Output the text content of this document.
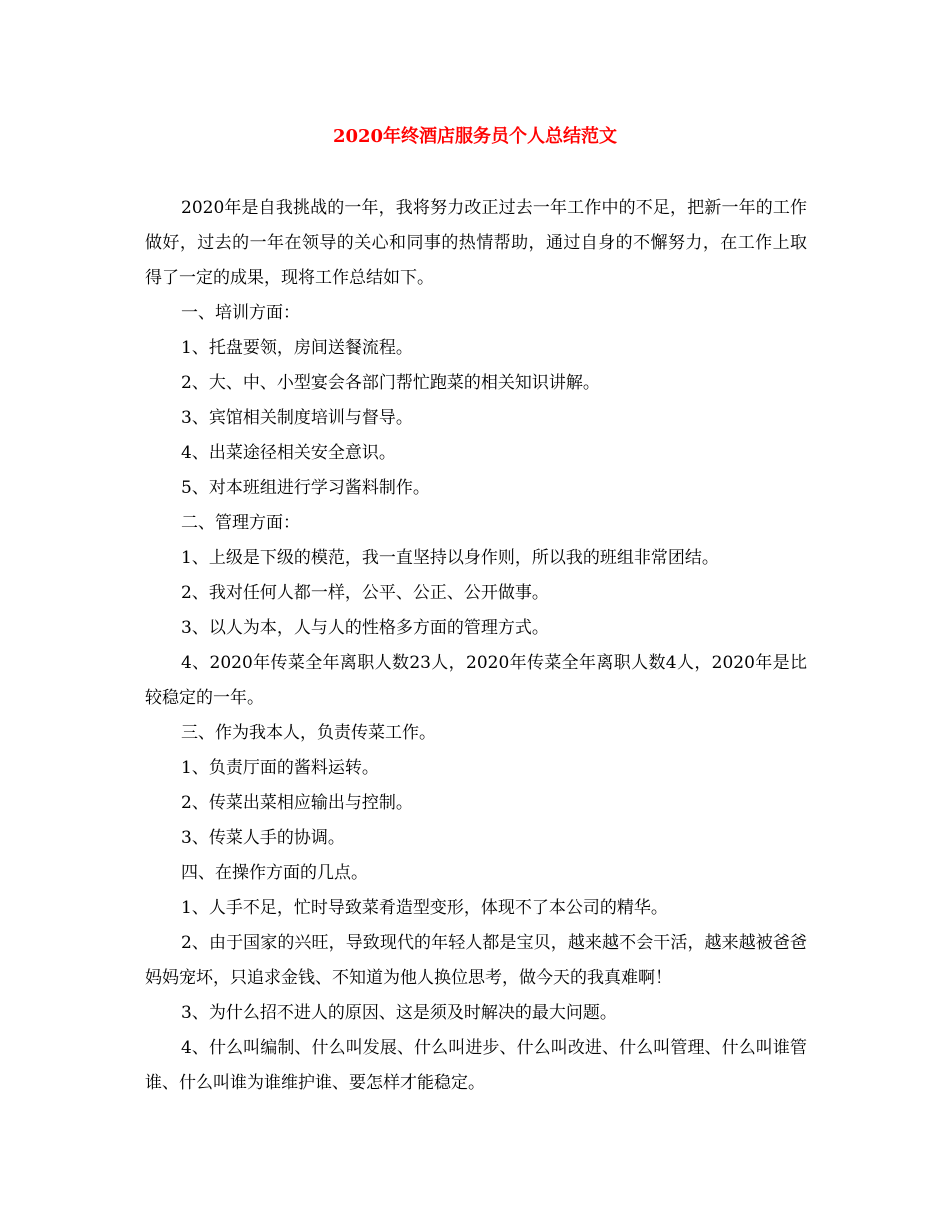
2020年终酒店服务员个人总结范文

2020年是自我挑战的一年，我将努力改正过去一年工作中的不足，把新一年的工作做好，过去的一年在领导的关心和同事的热情帮助，通过自身的不懈努力，在工作上取得了一定的成果，现将工作总结如下。

一、培训方面：

1、托盘要领，房间送餐流程。

2、大、中、小型宴会各部门帮忙跑菜的相关知识讲解。

3、宾馆相关制度培训与督导。

4、出菜途径相关安全意识。

5、对本班组进行学习酱料制作。

二、管理方面：

1、上级是下级的模范，我一直坚持以身作则，所以我的班组非常团结。

2、我对任何人都一样，公平、公正、公开做事。

3、以人为本，人与人的性格多方面的管理方式。

4、2020年传菜全年离职人数23人，2020年传菜全年离职人数4人，2020年是比较稳定的一年。

三、作为我本人，负责传菜工作。

1、负责厅面的酱料运转。

2、传菜出菜相应输出与控制。

3、传菜人手的协调。

四、在操作方面的几点。

1、人手不足，忙时导致菜肴造型变形，体现不了本公司的精华。

2、由于国家的兴旺，导致现代的年轻人都是宝贝，越来越不会干活，越来越被爸爸妈妈宠坏，只追求金钱、不知道为他人换位思考，做今天的我真难啊！

3、为什么招不进人的原因、这是须及时解决的最大问题。

4、什么叫编制、什么叫发展、什么叫进步、什么叫改进、什么叫管理、什么叫谁管谁、什么叫谁为谁维护谁、要怎样才能稳定。
